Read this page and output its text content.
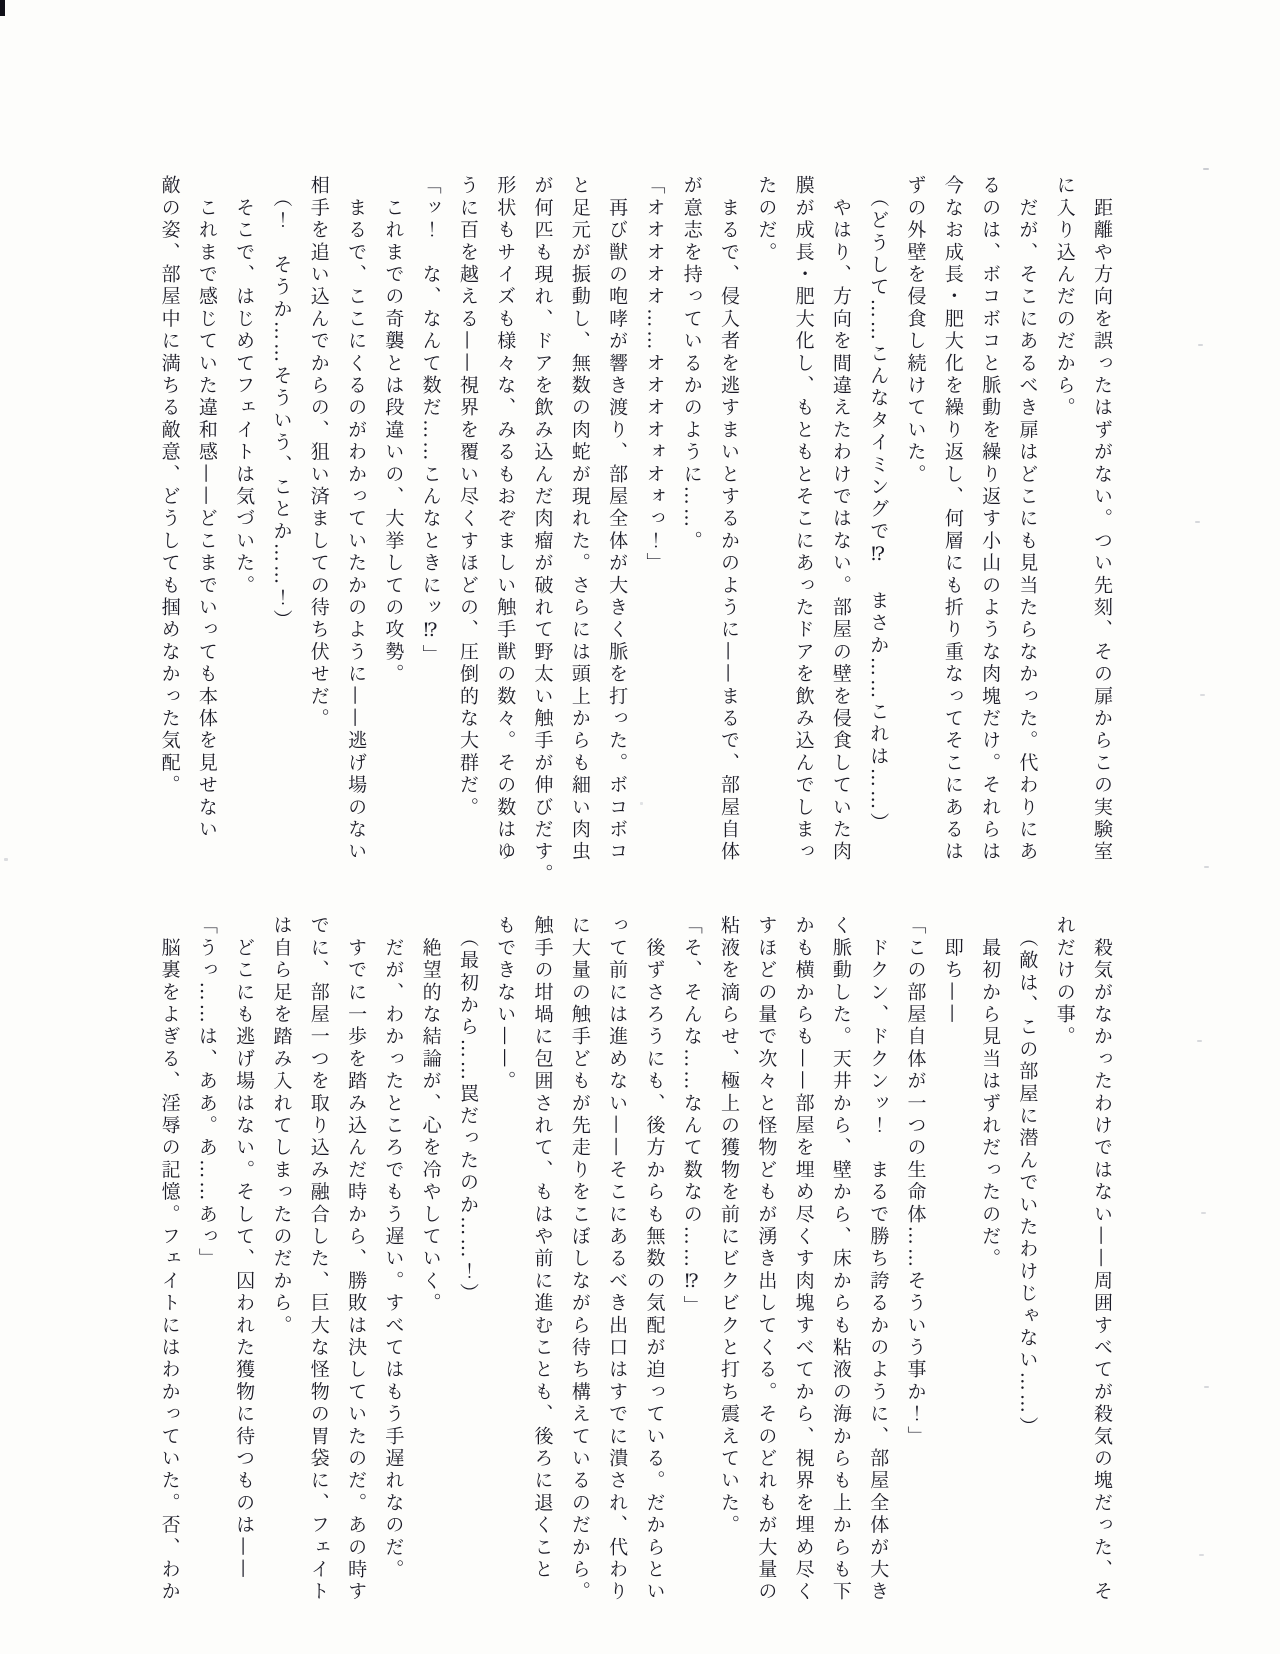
　距離や方向を誤ったはずがない。つい先刻、その扉からこの実験室
に入り込んだのだから。
　だが、そこにあるべき扉はどこにも見当たらなかった。代わりにあ
るのは、ボコボコと脈動を繰り返す小山のような肉塊だけ。それらは
今なお成長・肥大化を繰り返し、何層にも折り重なってそこにあるは
ずの外壁を侵食し続けていた。
　（どうして……こんなタイミングで⁉　まさか……これは……）
　やはり、方向を間違えたわけではない。部屋の壁を侵食していた肉
膜が成長・肥大化し、もともとそこにあったドアを飲み込んでしまっ
たのだ。
　まるで、侵入者を逃すまいとするかのように——まるで、部屋自体
が意志を持っているかのように……。
「オオオオオ……オオオオォオォっ！」
　再び獣の咆哮が響き渡り、部屋全体が大きく脈を打った。ボコボコ
と足元が振動し、無数の肉蛇が現れた。さらには頭上からも細い肉虫
が何匹も現れ、ドアを飲み込んだ肉瘤が破れて野太い触手が伸びだす。
形状もサイズも様々な、みるもおぞましい触手獣の数々。その数はゆ
うに百を越える——視界を覆い尽くすほどの、圧倒的な大群だ。
「ッ！　な、なんて数だ……こんなときにッ⁉」
　これまでの奇襲とは段違いの、大挙しての攻勢。
　まるで、ここにくるのがわかっていたかのように——逃げ場のない
相手を追い込んでからの、狙い済ましての待ち伏せだ。
　（！　そうか……そういう、ことか……！）
　そこで、はじめてフェイトは気づいた。
　これまで感じていた違和感——どこまでいっても本体を見せない
敵の姿、部屋中に満ちる敵意、どうしても掴めなかった気配。
　殺気がなかったわけではない——周囲すべてが殺気の塊だった、そ
れだけの事。
　（敵は、この部屋に潜んでいたわけじゃない……）
　最初から見当はずれだったのだ。
　即ち——
「この部屋自体が一つの生命体……そういう事か！」
　ドクン、ドクンッ！　まるで勝ち誇るかのように、部屋全体が大き
く脈動した。天井から、壁から、床からも粘液の海からも上からも下
かも横からも——部屋を埋め尽くす肉塊すべてから、視界を埋め尽く
すほどの量で次々と怪物どもが湧き出してくる。そのどれもが大量の
粘液を滴らせ、極上の獲物を前にビクビクと打ち震えていた。
「そ、そんな……なんて数なの……⁉」
　後ずさろうにも、後方からも無数の気配が迫っている。だからとい
って前には進めない——そこにあるべき出口はすでに潰され、代わり
に大量の触手どもが先走りをこぼしながら待ち構えているのだから。
触手の坩堝に包囲されて、もはや前に進むことも、後ろに退くこと
もできない——。
　（最初から……罠だったのか……！）
　絶望的な結論が、心を冷やしていく。
　だが、わかったところでもう遅い。すべてはもう手遅れなのだ。
　すでに一歩を踏み込んだ時から、勝敗は決していたのだ。あの時す
でに、部屋一つを取り込み融合した、巨大な怪物の胃袋に、フェイト
は自ら足を踏み入れてしまったのだから。
　どこにも逃げ場はない。そして、囚われた獲物に待つものは——
「うっ……は、ああ。あ……あっ」
　脳裏をよぎる、淫辱の記憶。フェイトにはわかっていた。否、わか
